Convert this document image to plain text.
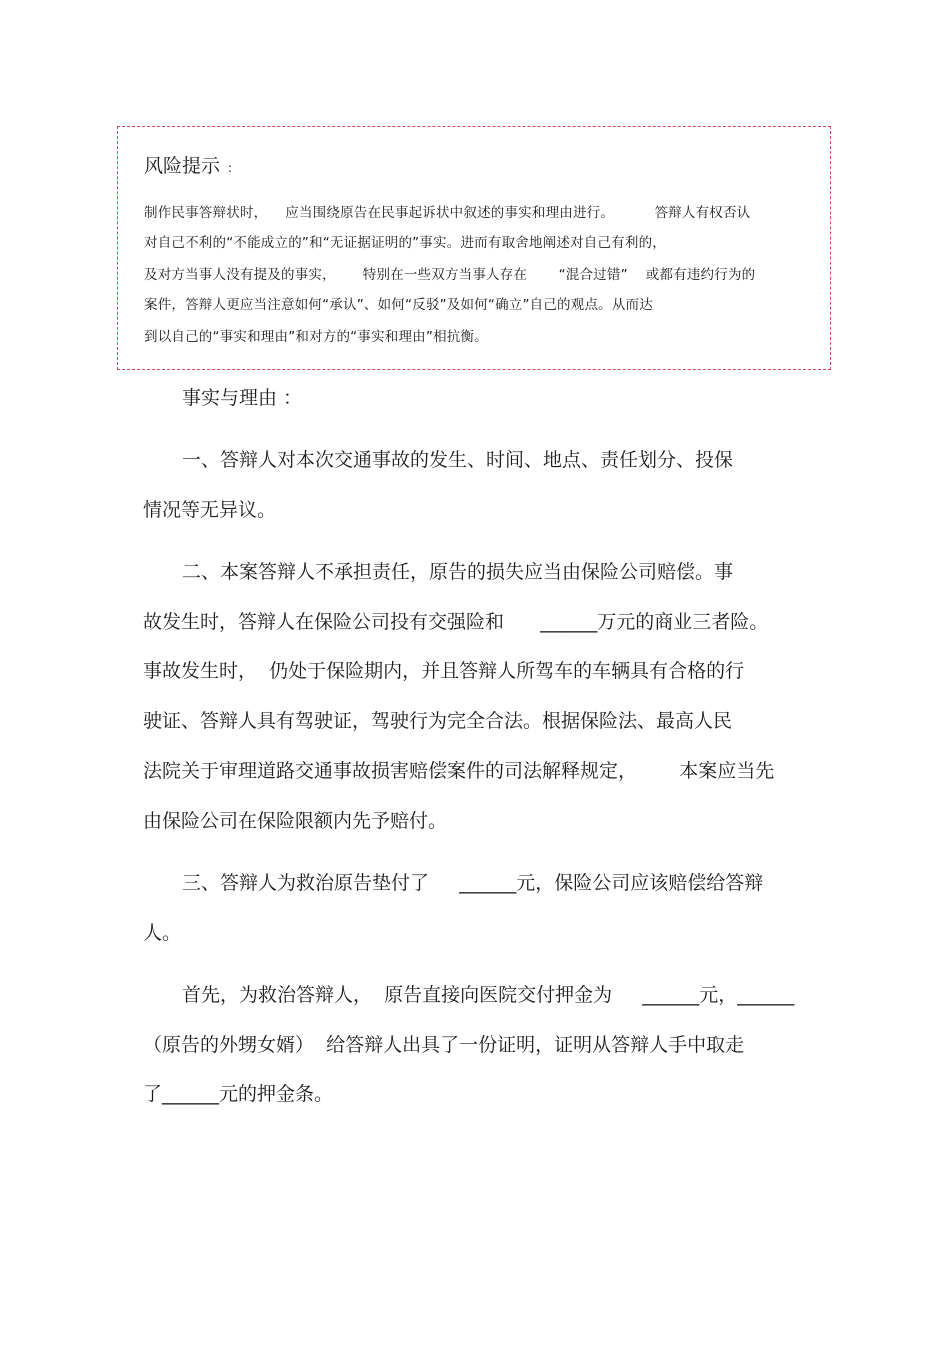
风险提示 :
制作民事答辩状时，    应当围绕原告在民事起诉状中叙述的事实和理由进行。         答辩人有权否认
对自己不利的“不能成立的”和“无证据证明的”事实。进而有取舍地阐述对自己有利的，
及对方当事人没有提及的事实，      特别在一些双方当事人存在       “混合过错”    或都有违约行为的
案件，答辩人更应当注意如何“承认”、如何“反驳”及如何“确立”自己的观点。从而达
到以自己的“事实和理由”和对方的“事实和理由”相抗衡。
事实与理由 ：
一、答辩人对本次交通事故的发生、时间、地点、责任划分、投保
情况等无异议。
二、本案答辩人不承担责任，原告的损失应当由保险公司赔偿。事
故发生时，答辩人在保险公司投有交强险和      ______万元的商业三者险。
事故发生时，  仍处于保险期内，并且答辩人所驾车的车辆具有合格的行
驶证、答辩人具有驾驶证，驾驶行为完全合法。根据保险法、最高人民
法院关于审理道路交通事故损害赔偿案件的司法解释规定，       本案应当先
由保险公司在保险限额内先予赔付。
三、答辩人为救治原告垫付了     ______元，保险公司应该赔偿给答辩
人。
首先，为救治答辩人，  原告直接向医院交付押金为     ______元，______
（原告的外甥女婿）  给答辩人出具了一份证明，证明从答辩人手中取走
了______元的押金条。
